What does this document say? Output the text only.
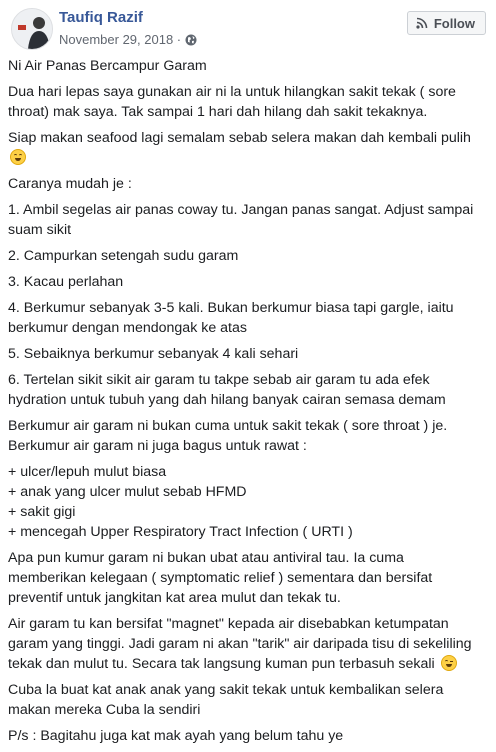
Taufiq Razif
November 29, 2018 ·
Follow

Ni Air Panas Bercampur Garam

Dua hari lepas saya gunakan air ni la untuk hilangkan sakit tekak ( sore throat) mak saya. Tak sampai 1 hari dah hilang dah sakit tekaknya.

Siap makan seafood lagi semalam sebab selera makan dah kembali pulih

Caranya mudah je :

1. Ambil segelas air panas coway tu. Jangan panas sangat. Adjust sampai suam sikit

2. Campurkan setengah sudu garam

3. Kacau perlahan

4. Berkumur sebanyak 3-5 kali. Bukan berkumur biasa tapi gargle, iaitu berkumur dengan mendongak ke atas

5. Sebaiknya berkumur sebanyak 4 kali sehari

6. Tertelan sikit sikit air garam tu takpe sebab air garam tu ada efek hydration untuk tubuh yang dah hilang banyak cairan semasa demam

Berkumur air garam ni bukan cuma untuk sakit tekak ( sore throat ) je. Berkumur air garam ni juga bagus untuk rawat :

+ ulcer/lepuh mulut biasa
+ anak yang ulcer mulut sebab HFMD
+ sakit gigi
+ mencegah Upper Respiratory Tract Infection ( URTI )

Apa pun kumur garam ni bukan ubat atau antiviral tau. Ia cuma memberikan kelegaan ( symptomatic relief ) sementara dan bersifat preventif untuk jangkitan kat area mulut dan tekak tu.

Air garam tu kan bersifat "magnet" kepada air disebabkan ketumpatan garam yang tinggi. Jadi garam ni akan "tarik" air daripada tisu di sekeliling tekak dan mulut tu. Secara tak langsung kuman pun terbasuh sekali

Cuba la buat kat anak anak yang sakit tekak untuk kembalikan selera makan mereka Cuba la sendiri

P/s : Bagitahu juga kat mak ayah yang belum tahu ye
